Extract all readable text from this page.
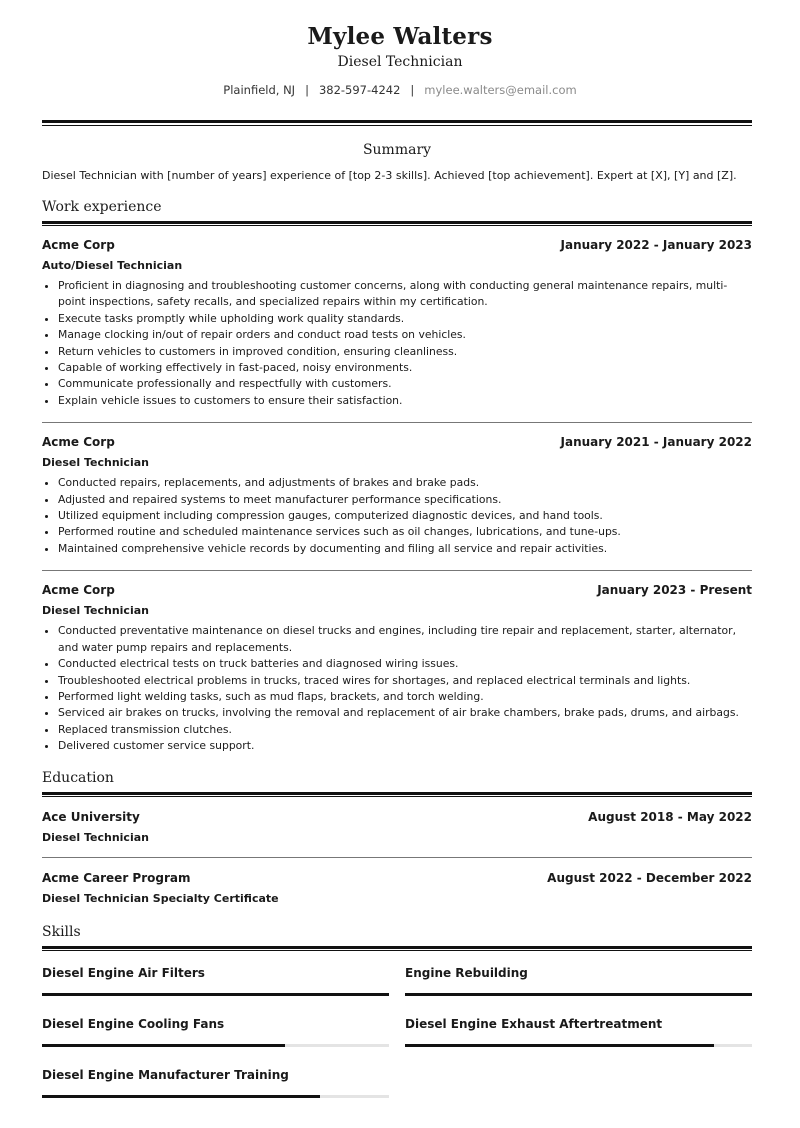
Mylee Walters
Diesel Technician
Plainfield, NJ | 382-597-4242 | mylee.walters@email.com
Summary
Diesel Technician with [number of years] experience of [top 2-3 skills]. Achieved [top achievement]. Expert at [X], [Y] and [Z].
Work experience
Acme Corp	January 2022 - January 2023
Auto/Diesel Technician
• Proficient in diagnosing and troubleshooting customer concerns, along with conducting general maintenance repairs, multi-point inspections, safety recalls, and specialized repairs within my certification.
• Execute tasks promptly while upholding work quality standards.
• Manage clocking in/out of repair orders and conduct road tests on vehicles.
• Return vehicles to customers in improved condition, ensuring cleanliness.
• Capable of working effectively in fast-paced, noisy environments.
• Communicate professionally and respectfully with customers.
• Explain vehicle issues to customers to ensure their satisfaction.
Acme Corp	January 2021 - January 2022
Diesel Technician
• Conducted repairs, replacements, and adjustments of brakes and brake pads.
• Adjusted and repaired systems to meet manufacturer performance specifications.
• Utilized equipment including compression gauges, computerized diagnostic devices, and hand tools.
• Performed routine and scheduled maintenance services such as oil changes, lubrications, and tune-ups.
• Maintained comprehensive vehicle records by documenting and filing all service and repair activities.
Acme Corp	January 2023 - Present
Diesel Technician
• Conducted preventative maintenance on diesel trucks and engines, including tire repair and replacement, starter, alternator, and water pump repairs and replacements.
• Conducted electrical tests on truck batteries and diagnosed wiring issues.
• Troubleshooted electrical problems in trucks, traced wires for shortages, and replaced electrical terminals and lights.
• Performed light welding tasks, such as mud flaps, brackets, and torch welding.
• Serviced air brakes on trucks, involving the removal and replacement of air brake chambers, brake pads, drums, and airbags.
• Replaced transmission clutches.
• Delivered customer service support.
Education
Ace University	August 2018 - May 2022
Diesel Technician
Acme Career Program	August 2022 - December 2022
Diesel Technician Specialty Certificate
Skills
Diesel Engine Air Filters	Engine Rebuilding
Diesel Engine Cooling Fans	Diesel Engine Exhaust Aftertreatment
Diesel Engine Manufacturer Training
